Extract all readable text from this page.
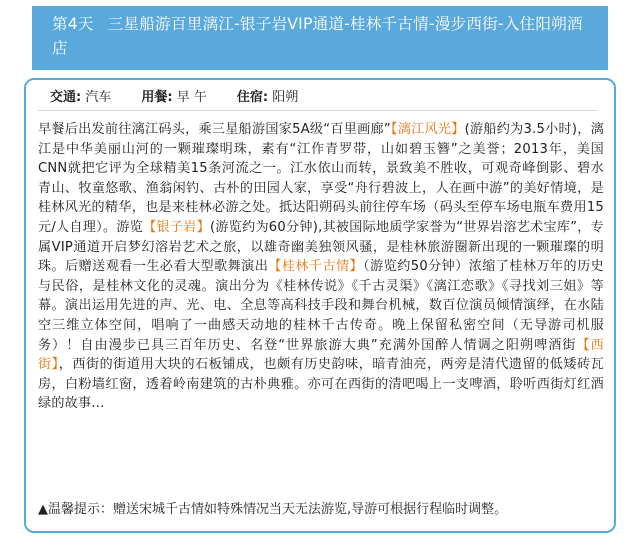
第4天 三星船游百里漓江-银子岩VIP通道-桂林千古情-漫步西街-入住阳朔酒店
交通: 汽车 用餐: 早 午 住宿: 阳朔

早餐后出发前往漓江码头，乘三星船游国家5A级“百里画廊”【漓江风光】(游船约为3.5小时)，漓江是中华美丽山河的一颗璀璨明珠，素有“江作青罗带，山如碧玉簪”之美誉；2013年，美国CNN就把它评为全球精美15条河流之一。江水依山而转，景致美不胜收，可观奇峰倒影、碧水青山、牧童悠歌、渔翁闲钓、古朴的田园人家，享受“舟行碧波上，人在画中游”的美好情境，是桂林风光的精华，也是来桂林必游之处。抵达阳朔码头前往停车场（码头至停车场电瓶车费用15元/人自理）。游览【银子岩】(游览约为60分钟),其被国际地质学家誉为“世界岩溶艺术宝库”，专属VIP通道开启梦幻溶岩艺术之旅，以雄奇幽美独领风骚，是桂林旅游圈新出现的一颗璀璨的明珠。后赠送观看一生必看大型歌舞演出【桂林千古情】（游览约50分钟）浓缩了桂林万年的历史与民俗，是桂林文化的灵魂。演出分为《桂林传说》《千古灵渠》《漓江恋歌》《寻找刘三姐》等幕。演出运用先进的声、光、电、全息等高科技手段和舞台机械，数百位演员倾情演绎，在水陆空三维立体空间，唱响了一曲感天动地的桂林千古传奇。晚上保留私密空间（无导游司机服务）！自由漫步已具三百年历史、名登“世界旅游大典”充满外国醉人情调之阳朔啤酒街【西街】，西街的街道用大块的石板铺成，也颇有历史韵味，暗青油亮，两旁是清代遗留的低矮砖瓦房，白粉墙红窗，透着岭南建筑的古朴典雅。亦可在西街的清吧喝上一支啤酒，聆听西街灯红酒绿的故事...

▲温馨提示：赠送宋城千古情如特殊情况当天无法游览,导游可根据行程临时调整。
